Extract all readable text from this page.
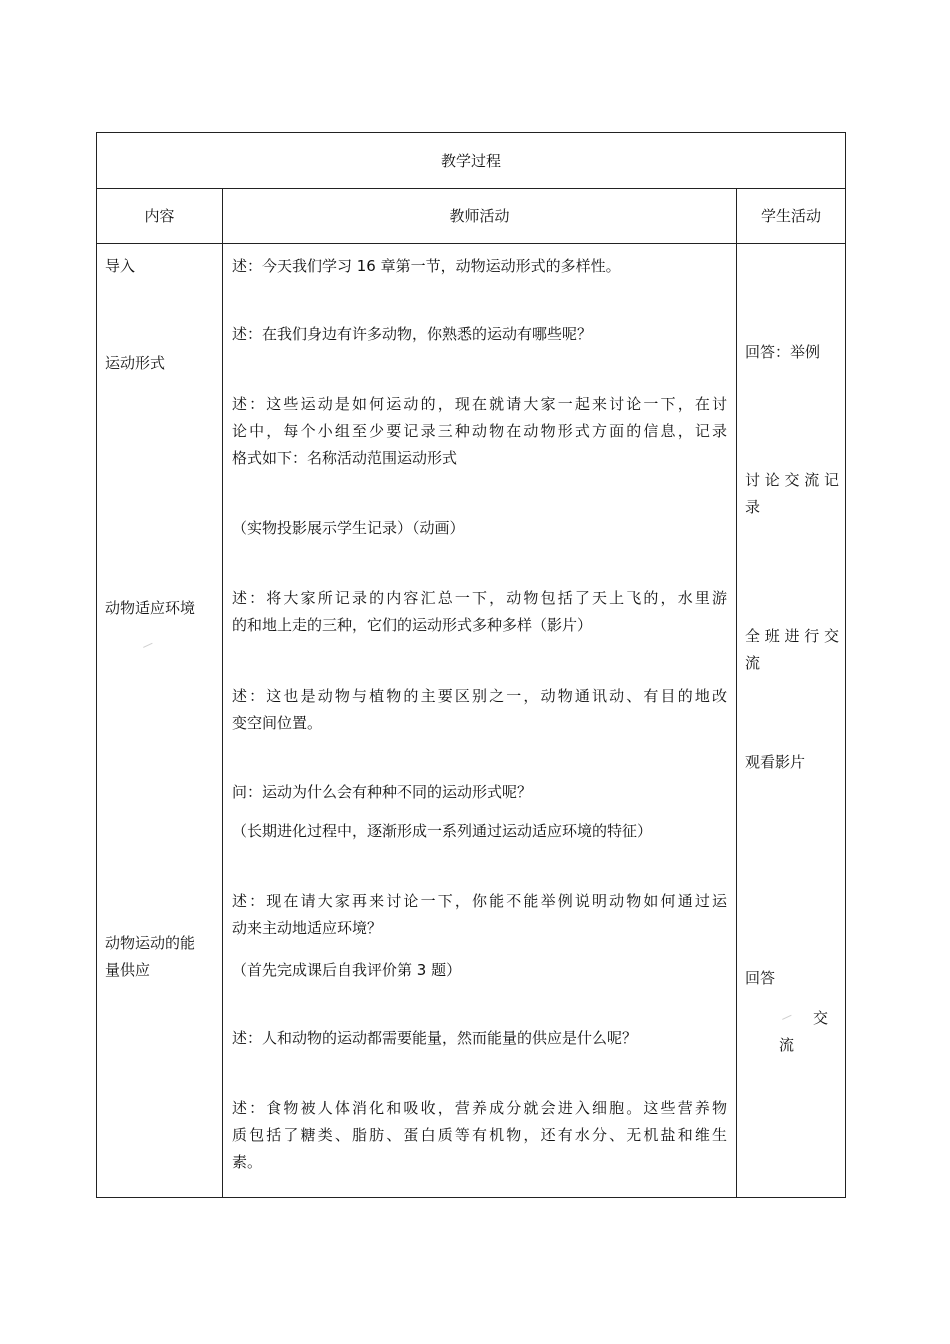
教学过程
内容	教师活动	学生活动

导入

运动形式

动物适应环境

动物运动的能

量供应

述：今天我们学习 16 章第一节，动物运动形式的多样性。

述：在我们身边有许多动物，你熟悉的运动有哪些呢？

述：这些运动是如何运动的，现在就请大家一起来讨论一下，在讨

论中，每个小组至少要记录三种动物在动物形式方面的信息，记录

格式如下：名称活动范围运动形式

（实物投影展示学生记录）（动画）

述：将大家所记录的内容汇总一下，动物包括了天上飞的，水里游

的和地上走的三种，它们的运动形式多种多样（影片）

述：这也是动物与植物的主要区别之一，动物通讯动、有目的地改

变空间位置。

问：运动为什么会有种种不同的运动形式呢？

（长期进化过程中，逐渐形成一系列通过运动适应环境的特征）

述：现在请大家再来讨论一下，你能不能举例说明动物如何通过运

动来主动地适应环境？

（首先完成课后自我评价第 3 题）

述：人和动物的运动都需要能量，然而能量的供应是什么呢？

述：食物被人体消化和吸收，营养成分就会进入细胞。这些营养物

质包括了糖类、脂肪、蛋白质等有机物，还有水分、无机盐和维生

素。

回答：举例

讨论交流记

录

全班进行交

流

观看影片

回答

交

流
